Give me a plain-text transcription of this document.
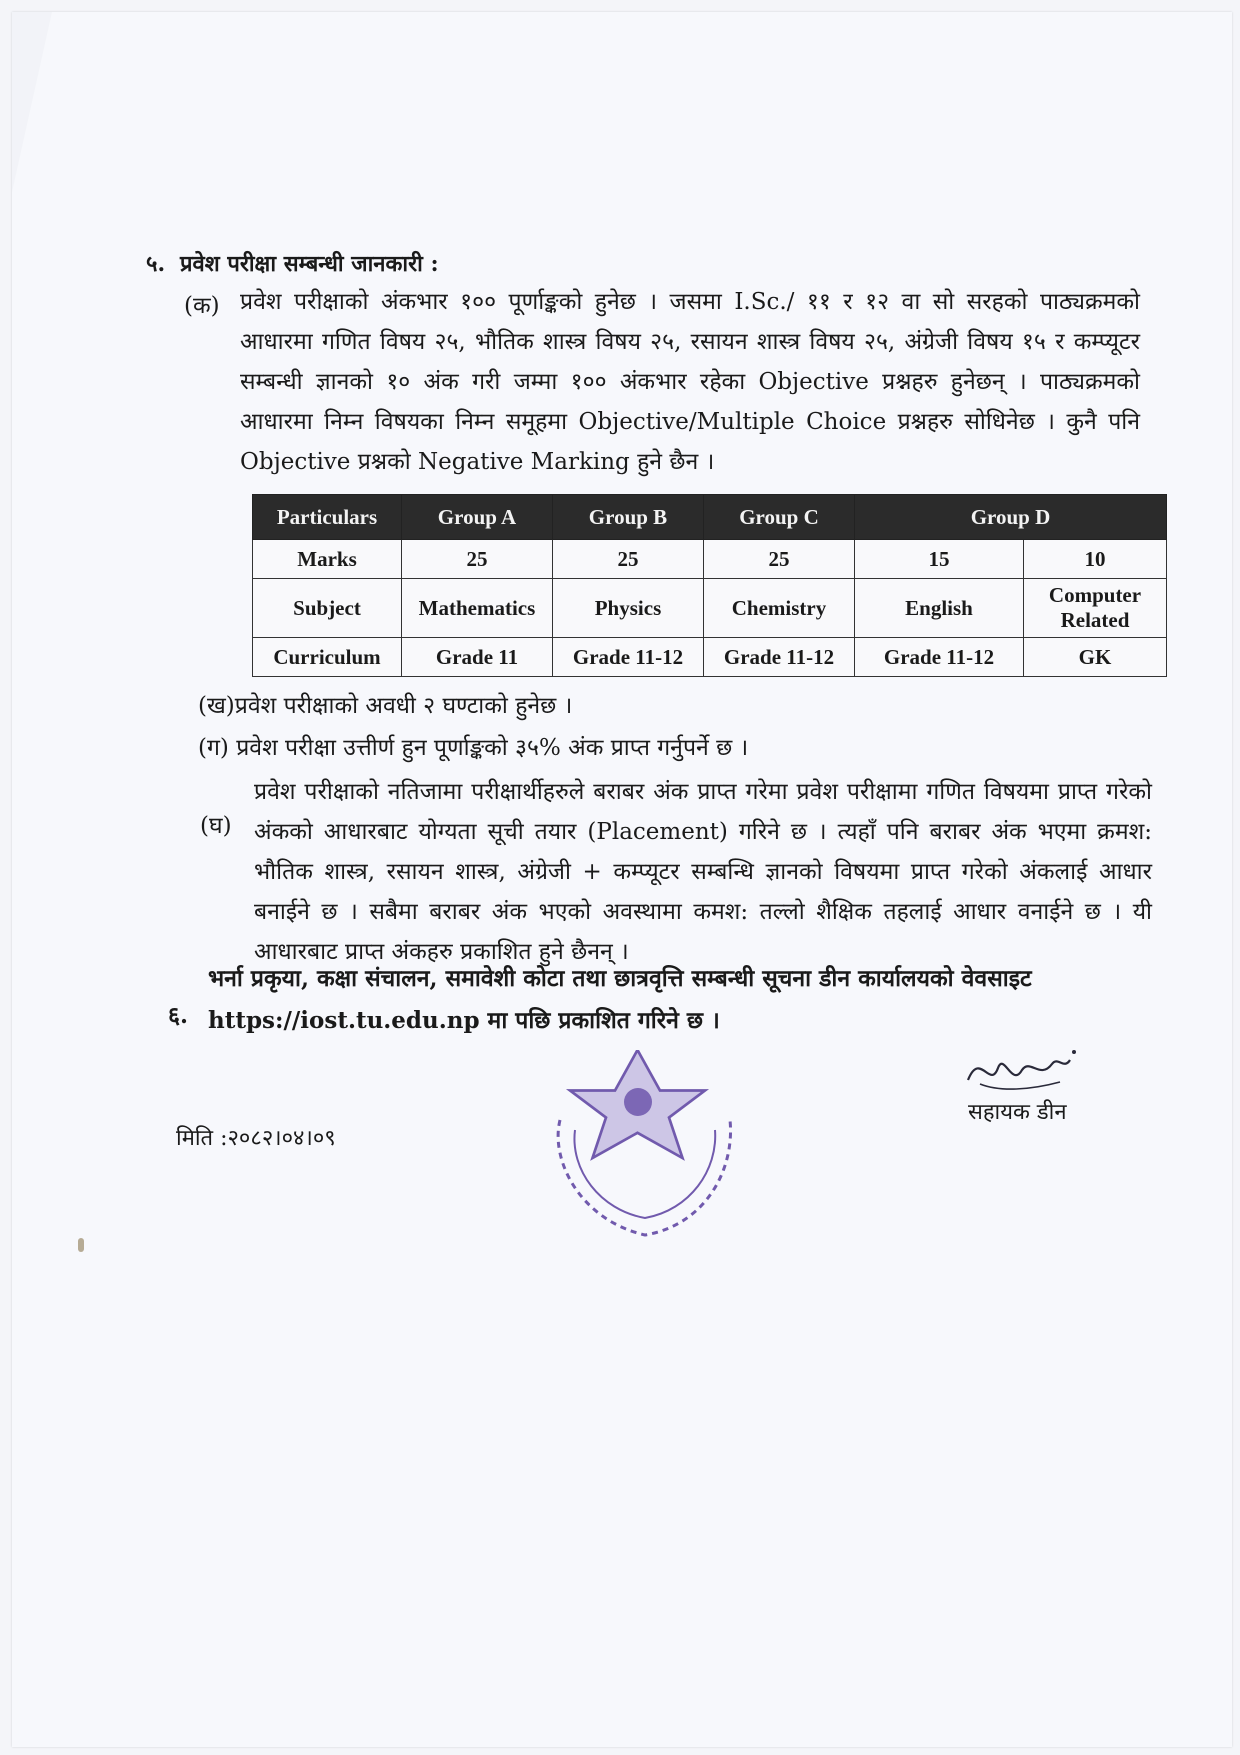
५. प्रवेश परीक्षा सम्बन्धी जानकारी :
(क) प्रवेश परीक्षाको अंकभार १०० पूर्णाङ्कको हुनेछ । जसमा I.Sc./ ११ र १२ वा सो सरहको पाठ्यक्रमको आधारमा गणित विषय २५, भौतिक शास्त्र विषय २५, रसायन शास्त्र विषय २५, अंग्रेजी विषय १५ र कम्प्यूटर सम्बन्धी ज्ञानको १० अंक गरी जम्मा १०० अंकभार रहेका Objective प्रश्नहरु हुनेछन् । पाठ्यक्रमको आधारमा निम्न विषयका निम्न समूहमा Objective/Multiple Choice प्रश्नहरु सोधिनेछ । कुनै पनि Objective प्रश्नको Negative Marking हुने छैन ।
Particulars	Group A	Group B	Group C	Group D	
Marks	25	25	25	15	10
Subject	Mathematics	Physics	Chemistry	English	Computer Related
Curriculum	Grade 11	Grade 11-12	Grade 11-12	Grade 11-12	GK
(ख)प्रवेश परीक्षाको अवधी २ घण्टाको हुनेछ ।
(ग) प्रवेश परीक्षा उत्तीर्ण हुन पूर्णाङ्कको ३५% अंक प्राप्त गर्नुपर्ने छ ।
(घ)
प्रवेश परीक्षाको नतिजामा परीक्षार्थीहरुले बराबर अंक प्राप्त गरेमा प्रवेश परीक्षामा गणित विषयमा प्राप्त गरेको अंकको आधारबाट योग्यता सूची तयार (Placement) गरिने छ । त्यहाँ पनि बराबर अंक भएमा क्रमश: भौतिक शास्त्र, रसायन शास्त्र, अंग्रेजी + कम्प्यूटर सम्बन्धि ज्ञानको विषयमा प्राप्त गरेको अंकलाई आधार बनाईने छ । सबैमा बराबर अंक भएको अवस्थामा कमश: तल्लो शैक्षिक तहलाई आधार वनाईने छ । यी आधारबाट प्राप्त अंकहरु प्रकाशित हुने छैनन् ।
६.
भर्ना प्रकृया, कक्षा संचालन, समावेशी कोटा तथा छात्रवृत्ति सम्बन्धी सूचना डीन कार्यालयको वेवसाइट https://iost.tu.edu.np मा पछि प्रकाशित गरिने छ ।
सहायक डीन
मिति :२०८२।०४।०९
